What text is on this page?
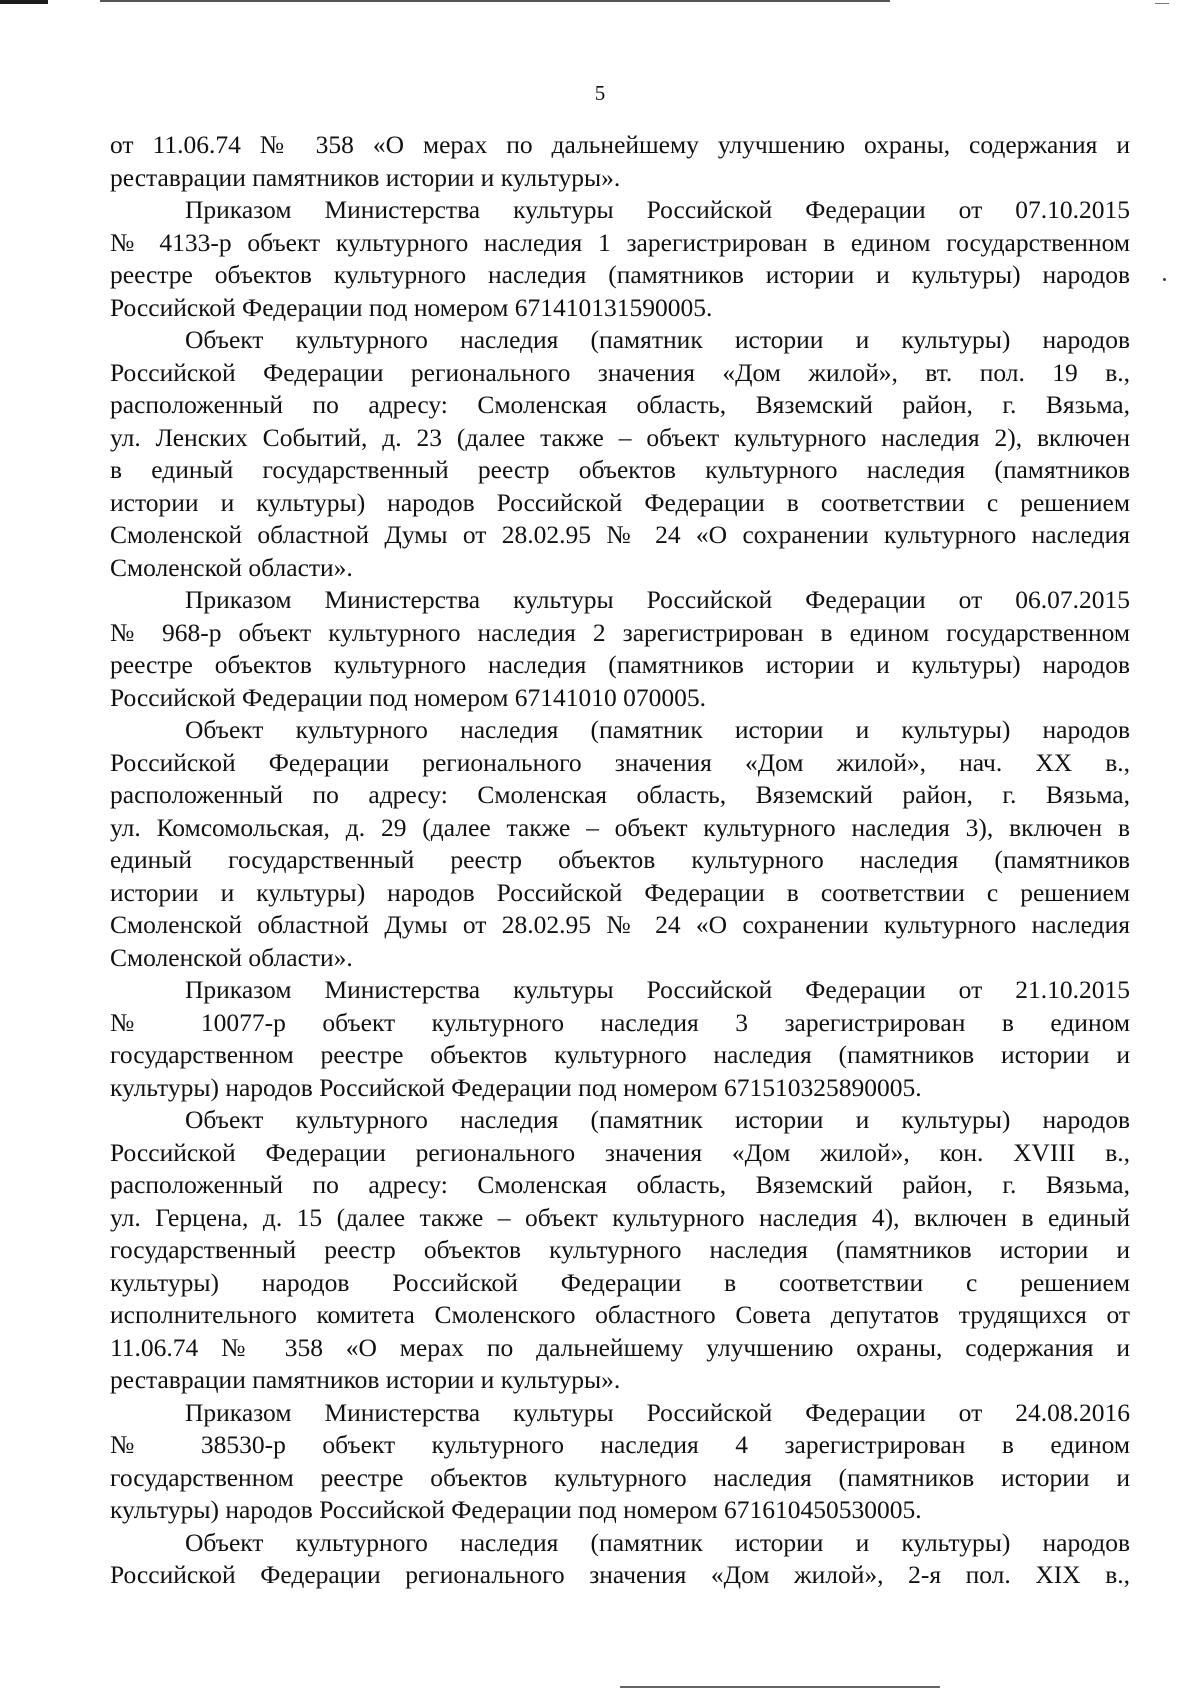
5
от 11.06.74 № 358 «О мерах по дальнейшему улучшению охраны, содержания и
реставрации памятников истории и культуры».
Приказом Министерства культуры Российской Федерации от 07.10.2015
№ 4133-р объект культурного наследия 1 зарегистрирован в едином государственном
реестре объектов культурного наследия (памятников истории и культуры) народов
Российской Федерации под номером 671410131590005.
Объект культурного наследия (памятник истории и культуры) народов
Российской Федерации регионального значения «Дом жилой», вт. пол. 19 в.,
расположенный по адресу: Смоленская область, Вяземский район, г. Вязьма,
ул. Ленских Событий, д. 23 (далее также – объект культурного наследия 2), включен
в единый государственный реестр объектов культурного наследия (памятников
истории и культуры) народов Российской Федерации в соответствии с решением
Смоленской областной Думы от 28.02.95 № 24 «О сохранении культурного наследия
Смоленской области».
Приказом Министерства культуры Российской Федерации от 06.07.2015
№ 968-р объект культурного наследия 2 зарегистрирован в едином государственном
реестре объектов культурного наследия (памятников истории и культуры) народов
Российской Федерации под номером 67141010 070005.
Объект культурного наследия (памятник истории и культуры) народов
Российской Федерации регионального значения «Дом жилой», нач. XX в.,
расположенный по адресу: Смоленская область, Вяземский район, г. Вязьма,
ул. Комсомольская, д. 29 (далее также – объект культурного наследия 3), включен в
единый государственный реестр объектов культурного наследия (памятников
истории и культуры) народов Российской Федерации в соответствии с решением
Смоленской областной Думы от 28.02.95 № 24 «О сохранении культурного наследия
Смоленской области».
Приказом Министерства культуры Российской Федерации от 21.10.2015
№ 10077-р объект культурного наследия 3 зарегистрирован в едином
государственном реестре объектов культурного наследия (памятников истории и
культуры) народов Российской Федерации под номером 671510325890005.
Объект культурного наследия (памятник истории и культуры) народов
Российской Федерации регионального значения «Дом жилой», кон. XVIII в.,
расположенный по адресу: Смоленская область, Вяземский район, г. Вязьма,
ул. Герцена, д. 15 (далее также – объект культурного наследия 4), включен в единый
государственный реестр объектов культурного наследия (памятников истории и
культуры) народов Российской Федерации в соответствии с решением
исполнительного комитета Смоленского областного Совета депутатов трудящихся от
11.06.74 № 358 «О мерах по дальнейшему улучшению охраны, содержания и
реставрации памятников истории и культуры».
Приказом Министерства культуры Российской Федерации от 24.08.2016
№ 38530-р объект культурного наследия 4 зарегистрирован в едином
государственном реестре объектов культурного наследия (памятников истории и
культуры) народов Российской Федерации под номером 671610450530005.
Объект культурного наследия (памятник истории и культуры) народов
Российской Федерации регионального значения «Дом жилой», 2-я пол. XIX в.,
